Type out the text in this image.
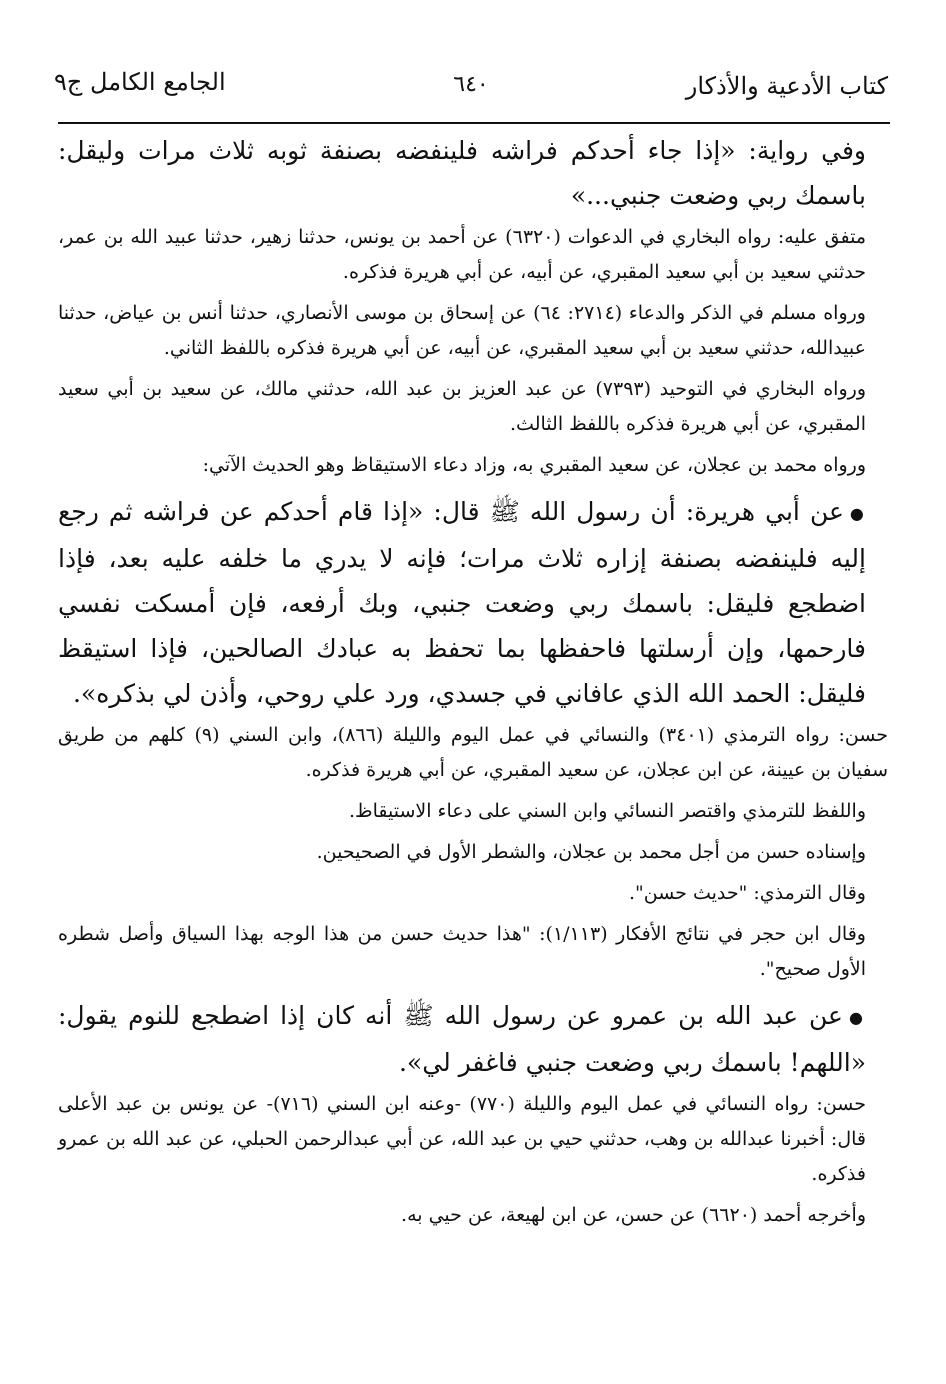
كتاب الأدعية والأذكار
٦٤٠
الجامع الكامل ج٩

وفي رواية: «إذا جاء أحدكم فراشه فلينفضه بصنفة ثوبه ثلاث مرات وليقل: باسمك ربي وضعت جنبي...»

متفق عليه: رواه البخاري في الدعوات (٦٣٢٠) عن أحمد بن يونس، حدثنا زهير، حدثنا عبيد الله بن عمر، حدثني سعيد بن أبي سعيد المقبري، عن أبيه، عن أبي هريرة فذكره.

ورواه مسلم في الذكر والدعاء (٢٧١٤: ٦٤) عن إسحاق بن موسى الأنصاري، حدثنا أنس بن عياض، حدثنا عبيدالله، حدثني سعيد بن أبي سعيد المقبري، عن أبيه، عن أبي هريرة فذكره باللفظ الثاني.

ورواه البخاري في التوحيد (٧٣٩٣) عن عبد العزيز بن عبد الله، حدثني مالك، عن سعيد بن أبي سعيد المقبري، عن أبي هريرة فذكره باللفظ الثالث.

ورواه محمد بن عجلان، عن سعيد المقبري به، وزاد دعاء الاستيقاظ وهو الحديث الآتي:

●عن أبي هريرة: أن رسول الله ﷺ قال: «إذا قام أحدكم عن فراشه ثم رجع إليه فلينفضه بصنفة إزاره ثلاث مرات؛ فإنه لا يدري ما خلفه عليه بعد، فإذا اضطجع فليقل: باسمك ربي وضعت جنبي، وبك أرفعه، فإن أمسكت نفسي فارحمها، وإن أرسلتها فاحفظها بما تحفظ به عبادك الصالحين، فإذا استيقظ فليقل: الحمد الله الذي عافاني في جسدي، ورد علي روحي، وأذن لي بذكره».

حسن: رواه الترمذي (٣٤٠١) والنسائي في عمل اليوم والليلة (٨٦٦)، وابن السني (٩) كلهم من طريق سفيان بن عيينة، عن ابن عجلان، عن سعيد المقبري، عن أبي هريرة فذكره.

واللفظ للترمذي واقتصر النسائي وابن السني على دعاء الاستيقاظ.

وإسناده حسن من أجل محمد بن عجلان، والشطر الأول في الصحيحين.

وقال الترمذي: "حديث حسن".

وقال ابن حجر في نتائج الأفكار (١/١١٣): "هذا حديث حسن من هذا الوجه بهذا السياق وأصل شطره الأول صحيح".

●عن عبد الله بن عمرو عن رسول الله ﷺ أنه كان إذا اضطجع للنوم يقول: «اللهم! باسمك ربي وضعت جنبي فاغفر لي».

حسن: رواه النسائي في عمل اليوم والليلة (٧٧٠) -وعنه ابن السني (٧١٦)- عن يونس بن عبد الأعلى قال: أخبرنا عبدالله بن وهب، حدثني حيي بن عبد الله، عن أبي عبدالرحمن الحبلي، عن عبد الله بن عمرو فذكره.

وأخرجه أحمد (٦٦٢٠) عن حسن، عن ابن لهيعة، عن حيي به.
